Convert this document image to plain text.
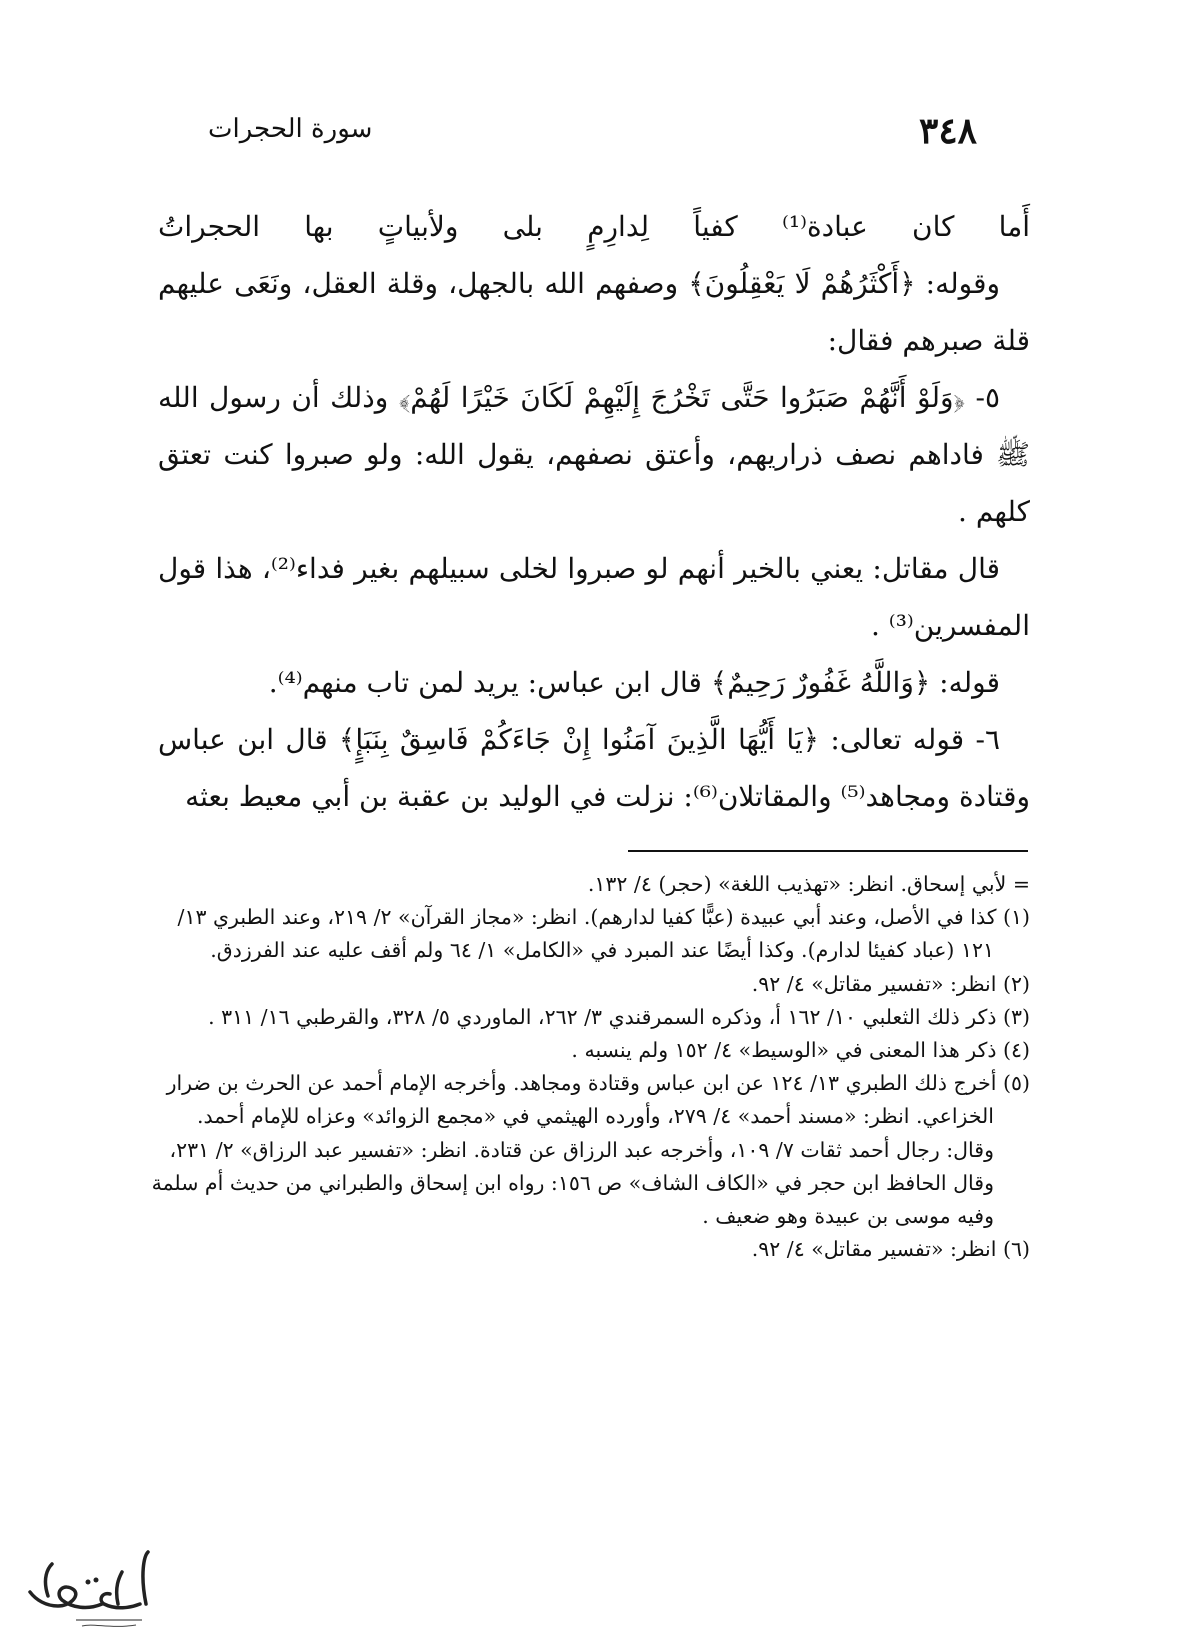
٣٤٨
سورة الحجرات

أَما كان عبادة⁽¹⁾ كفياً لِدارِمٍ بلى ولأبياتٍ بها الحجراتُ

وقوله: ﴿أَكْثَرُهُمْ لَا يَعْقِلُونَ﴾ وصفهم الله بالجهل، وقلة العقل، ونَعَى عليهم قلة صبرهم فقال:

٥- ﴿وَلَوْ أَنَّهُمْ صَبَرُوا حَتَّى تَخْرُجَ إِلَيْهِمْ لَكَانَ خَيْرًا لَهُمْ﴾ وذلك أن رسول الله ﷺ فاداهم نصف ذراريهم، وأعتق نصفهم، يقول الله: ولو صبروا كنت تعتق كلهم .

قال مقاتل: يعني بالخير أنهم لو صبروا لخلى سبيلهم بغير فداء⁽²⁾، هذا قول المفسرين⁽³⁾ .

قوله: ﴿وَاللَّهُ غَفُورٌ رَحِيمٌ﴾ قال ابن عباس: يريد لمن تاب منهم⁽⁴⁾.

٦- قوله تعالى: ﴿يَا أَيُّهَا الَّذِينَ آمَنُوا إِنْ جَاءَكُمْ فَاسِقٌ بِنَبَإٍ﴾ قال ابن عباس وقتادة ومجاهد⁽⁵⁾ والمقاتلان⁽⁶⁾: نزلت في الوليد بن عقبة بن أبي معيط بعثه

= لأبي إسحاق. انظر: «تهذيب اللغة» (حجر) ٤/ ١٣٢.

(١) كذا في الأصل، وعند أبي عبيدة (عبًّا كفيا لدارهم). انظر: «مجاز القرآن» ٢/ ٢١٩، وعند الطبري ١٣/ ١٢١ (عباد كفيئا لدارم). وكذا أيضًا عند المبرد في «الكامل» ١/ ٦٤ ولم أقف عليه عند الفرزدق.

(٢) انظر: «تفسير مقاتل» ٤/ ٩٢.

(٣) ذكر ذلك الثعلبي ١٠/ ١٦٢ أ، وذكره السمرقندي ٣/ ٢٦٢، الماوردي ٥/ ٣٢٨، والقرطبي ١٦/ ٣١١ .

(٤) ذكر هذا المعنى في «الوسيط» ٤/ ١٥٢ ولم ينسبه .

(٥) أخرج ذلك الطبري ١٣/ ١٢٤ عن ابن عباس وقتادة ومجاهد. وأخرجه الإمام أحمد عن الحرث بن ضرار الخزاعي. انظر: «مسند أحمد» ٤/ ٢٧٩، وأورده الهيثمي في «مجمع الزوائد» وعزاه للإمام أحمد. وقال: رجال أحمد ثقات ٧/ ١٠٩، وأخرجه عبد الرزاق عن قتادة. انظر: «تفسير عبد الرزاق» ٢/ ٢٣١، وقال الحافظ ابن حجر في «الكاف الشاف» ص ١٥٦: رواه ابن إسحاق والطبراني من حديث أم سلمة وفيه موسى بن عبيدة وهو ضعيف .

(٦) انظر: «تفسير مقاتل» ٤/ ٩٢.
